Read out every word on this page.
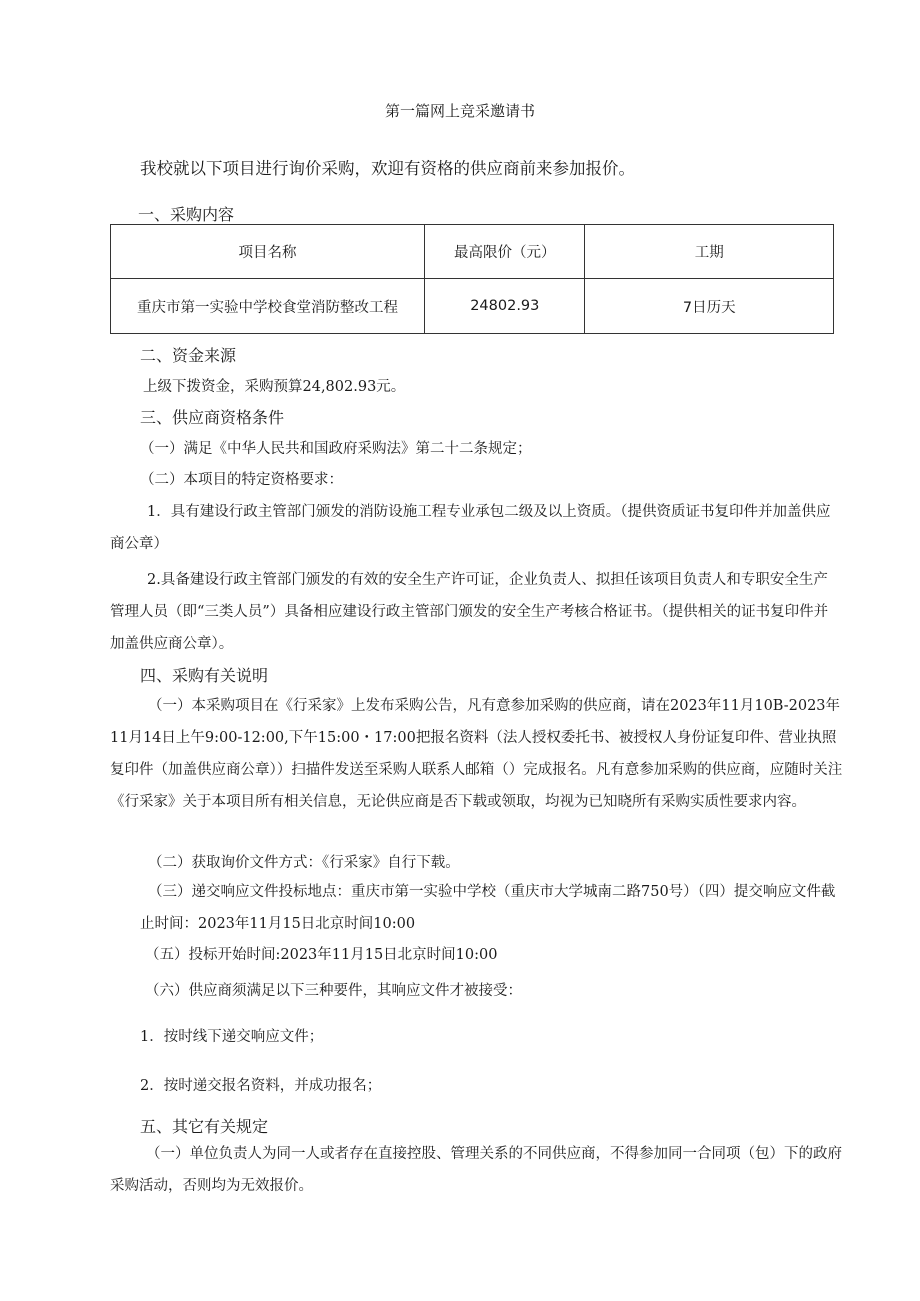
第一篇网上竞采邀请书
我校就以下项目进行询价采购，欢迎有资格的供应商前来参加报价。
一、采购内容
项目名称	最高限价（元）	工期
重庆市第一实验中学校食堂消防整改工程	24802.93	7日历天
二、资金来源
上级下拨资金，采购预算24,802.93元。
三、供应商资格条件
（一）满足《中华人民共和国政府采购法》第二十二条规定；
（二）本项目的特定资格要求：
1．具有建设行政主管部门颁发的消防设施工程专业承包二级及以上资质。（提供资质证书复印件并加盖供应商公章）
2.具备建设行政主管部门颁发的有效的安全生产许可证，企业负责人、拟担任该项目负责人和专职安全生产管理人员（即“三类人员”）具备相应建设行政主管部门颁发的安全生产考核合格证书。（提供相关的证书复印件并加盖供应商公章）。
四、采购有关说明
（一）本采购项目在《行采家》上发布采购公告，凡有意参加采购的供应商，请在2023年11月10B-2023年11月14日上午9:00-12:00,下午15:00・17:00把报名资料（法人授权委托书、被授权人身份证复印件、营业执照复印件（加盖供应商公章））扫描件发送至采购人联系人邮箱（）完成报名。凡有意参加采购的供应商，应随时关注《行采家》关于本项目所有相关信息，无论供应商是否下载或领取，均视为已知晓所有采购实质性要求内容。
（二）获取询价文件方式：《行采家》自行下载。
（三）递交响应文件投标地点：重庆市第一实验中学校（重庆市大学城南二路750号）（四）提交响应文件截止时间：2023年11月15日北京时间10:00
（五）投标开始时间:2023年11月15日北京时间10:00
（六）供应商须满足以下三种要件，其响应文件才被接受：
1．按时线下递交响应文件；
2．按时递交报名资料，并成功报名；
五、其它有关规定
（一）单位负责人为同一人或者存在直接控股、管理关系的不同供应商，不得参加同一合同项（包）下的政府采购活动，否则均为无效报价。
